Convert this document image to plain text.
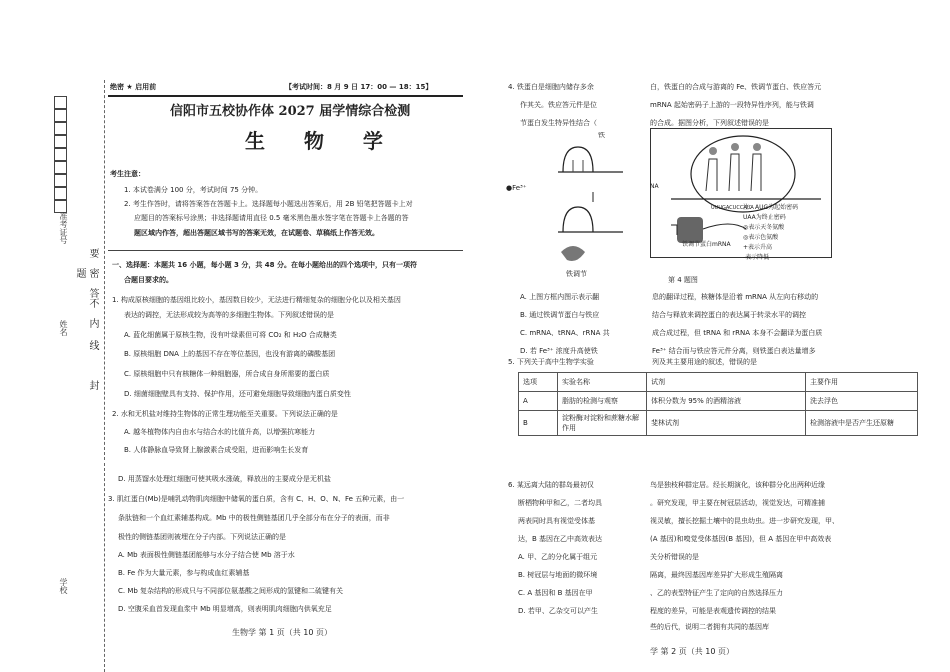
准考证号
姓名
密
封
线
内
不
要
答
题
绝密 ★ 启用前	【考试时间：8 月 9 日 17：00 — 18：15】
信阳市五校协作体 2027 届学情综合检测
生 物 学
考生注意：
1. 本试卷满分 100 分，考试时间 75 分钟。
2. 考生作答时，请将答案答在答题卡上。选择题每小题选出答案后，用 2B 铅笔把答题卡上对
应题目的答案标号涂黑；非选择题请用直径 0.5 毫米黑色墨水签字笔在答题卡上各题的答
题区域内作答，超出答题区域书写的答案无效，在试题卷、草稿纸上作答无效。
一、选择题：本题共 16 小题，每小题 3 分，共 48 分。在每小题给出的四个选项中，只有一项符
合题目要求的。
1. 构成原核细胞的基因组比较小，基因数目较少，无法进行精细复杂的细胞分化以及相关基因
表达的调控，无法形成较为高等的多细胞生物体。下列叙述错误的是
A. 蓝化细菌属于原核生物，没有叶绿素但可将 CO₂ 和 H₂O 合成糖类
B. 原核细胞 DNA 上的基因不存在等位基因，也没有游离的磷酸基团
C. 原核细胞中只有核糖体一种细胞器，所合成自身所需要的蛋白质
D. 细菌细胞壁具有支持、保护作用，还可避免细胞导致细胞内蛋白质变性
2. 水和无机盐对维持生物体的正常生理功能至关重要。下列说法正确的是
A. 越冬植物体内自由水与结合水的比值升高，以增强抗寒能力
B. 人体静脉血导致肾上腺激素合成受阻，进而影响生长发育
4. 铁蛋白是细胞内储存多余
作其关。铁应答元件是位
节蛋白发生特异性结合（
白，铁蛋白的合成与游离的 Fe、铁调节蛋白、铁应答元
mRNA 起始密码子上游的一段特异性序列，能与铁调
的合成。据图分析，下列叙述错误的是
铁
●Fe³⁺
铁调节
UUUGACUCCAUA
NA
注：AUG为起始密码
UAA为终止密码
◎表示天冬氨酸
◎表示色氨酸
+表示升高
-表示降低
铁调节蛋白mRNA
第 4 题图
A. 上图方框内图示表示翻
B. 通过铁调节蛋白与铁应
C. mRNA、tRNA、rRNA 共
D. 若 Fe³⁺ 浓度升高使铁
息的翻译过程，核糖体是沿着 mRNA 从左向右移动的
结合与释放来调控蛋白的表达属于转录水平的调控
成合成过程，但 tRNA 和 rRNA 本身不会翻译为蛋白质
Fe³⁺ 结合而与铁应答元件分离，则铁蛋白表达量增多
5. 下列关于高中生物学实验	列及其主要用途的叙述，错误的是
选项	实验名称	试剂	主要作用
A	脂肪的检测与观察	体积分数为 95% 的酒精溶液	洗去浮色
B	淀粉酶对淀粉和蔗糖水解作用	斐林试剂	检测溶液中是否产生还原糖
学校
D. 用蒸馏水处理红细胞可使其吸水涨破，释放出的主要成分是无机盐
3. 肌红蛋白(Mb)是哺乳动物肌肉细胞中储氧的蛋白质，含有 C、H、O、N、Fe 五种元素，由一
条肽链和一个血红素辅基构成。Mb 中的极性侧链基团几乎全部分布在分子的表面，而非
极性的侧链基团则被埋在分子内部。下列说法正确的是
A. Mb 表面极性侧链基团能够与水分子结合使 Mb 溶于水
B. Fe 作为大量元素，参与构成血红素辅基
C. Mb 复杂结构的形成只与不同部位氨基酸之间形成的氢键和二硫键有关
D. 空腹采血首发现血浆中 Mb 明显增高，则表明肌肉细胞内供氧充足
生物学 第 1 页（共 10 页）
6. 某远离大陆的群岛最初仅
断栖物种甲和乙，二者均具
两表同时具有视觉受体基
达，B 基因在乙中高效表达
A. 甲、乙的分化属于组元
B. 树冠层与地面的微环境
C. A 基因和 B 基因在甲
D. 若甲、乙杂交可以产生
鸟是独枝种群定居。经长期演化，该种群分化出两种近缘
。研究发现，甲主要在树冠层活动，视觉发达，可精准捕
视灵敏，擅长挖掘土壤中的昆虫幼虫。进一步研究发现，甲、
(A 基因)和嗅觉受体基因(B 基因)，但 A 基因在甲中高效表
关分析错误的是
隔离，最终因基因库差异扩大形成生殖隔离
、乙的表型特征产生了定向的自然选择压力
程度的差异，可能是表观遗传调控的结果
些的后代，说明二者拥有共同的基因库
学 第 2 页（共 10 页）
